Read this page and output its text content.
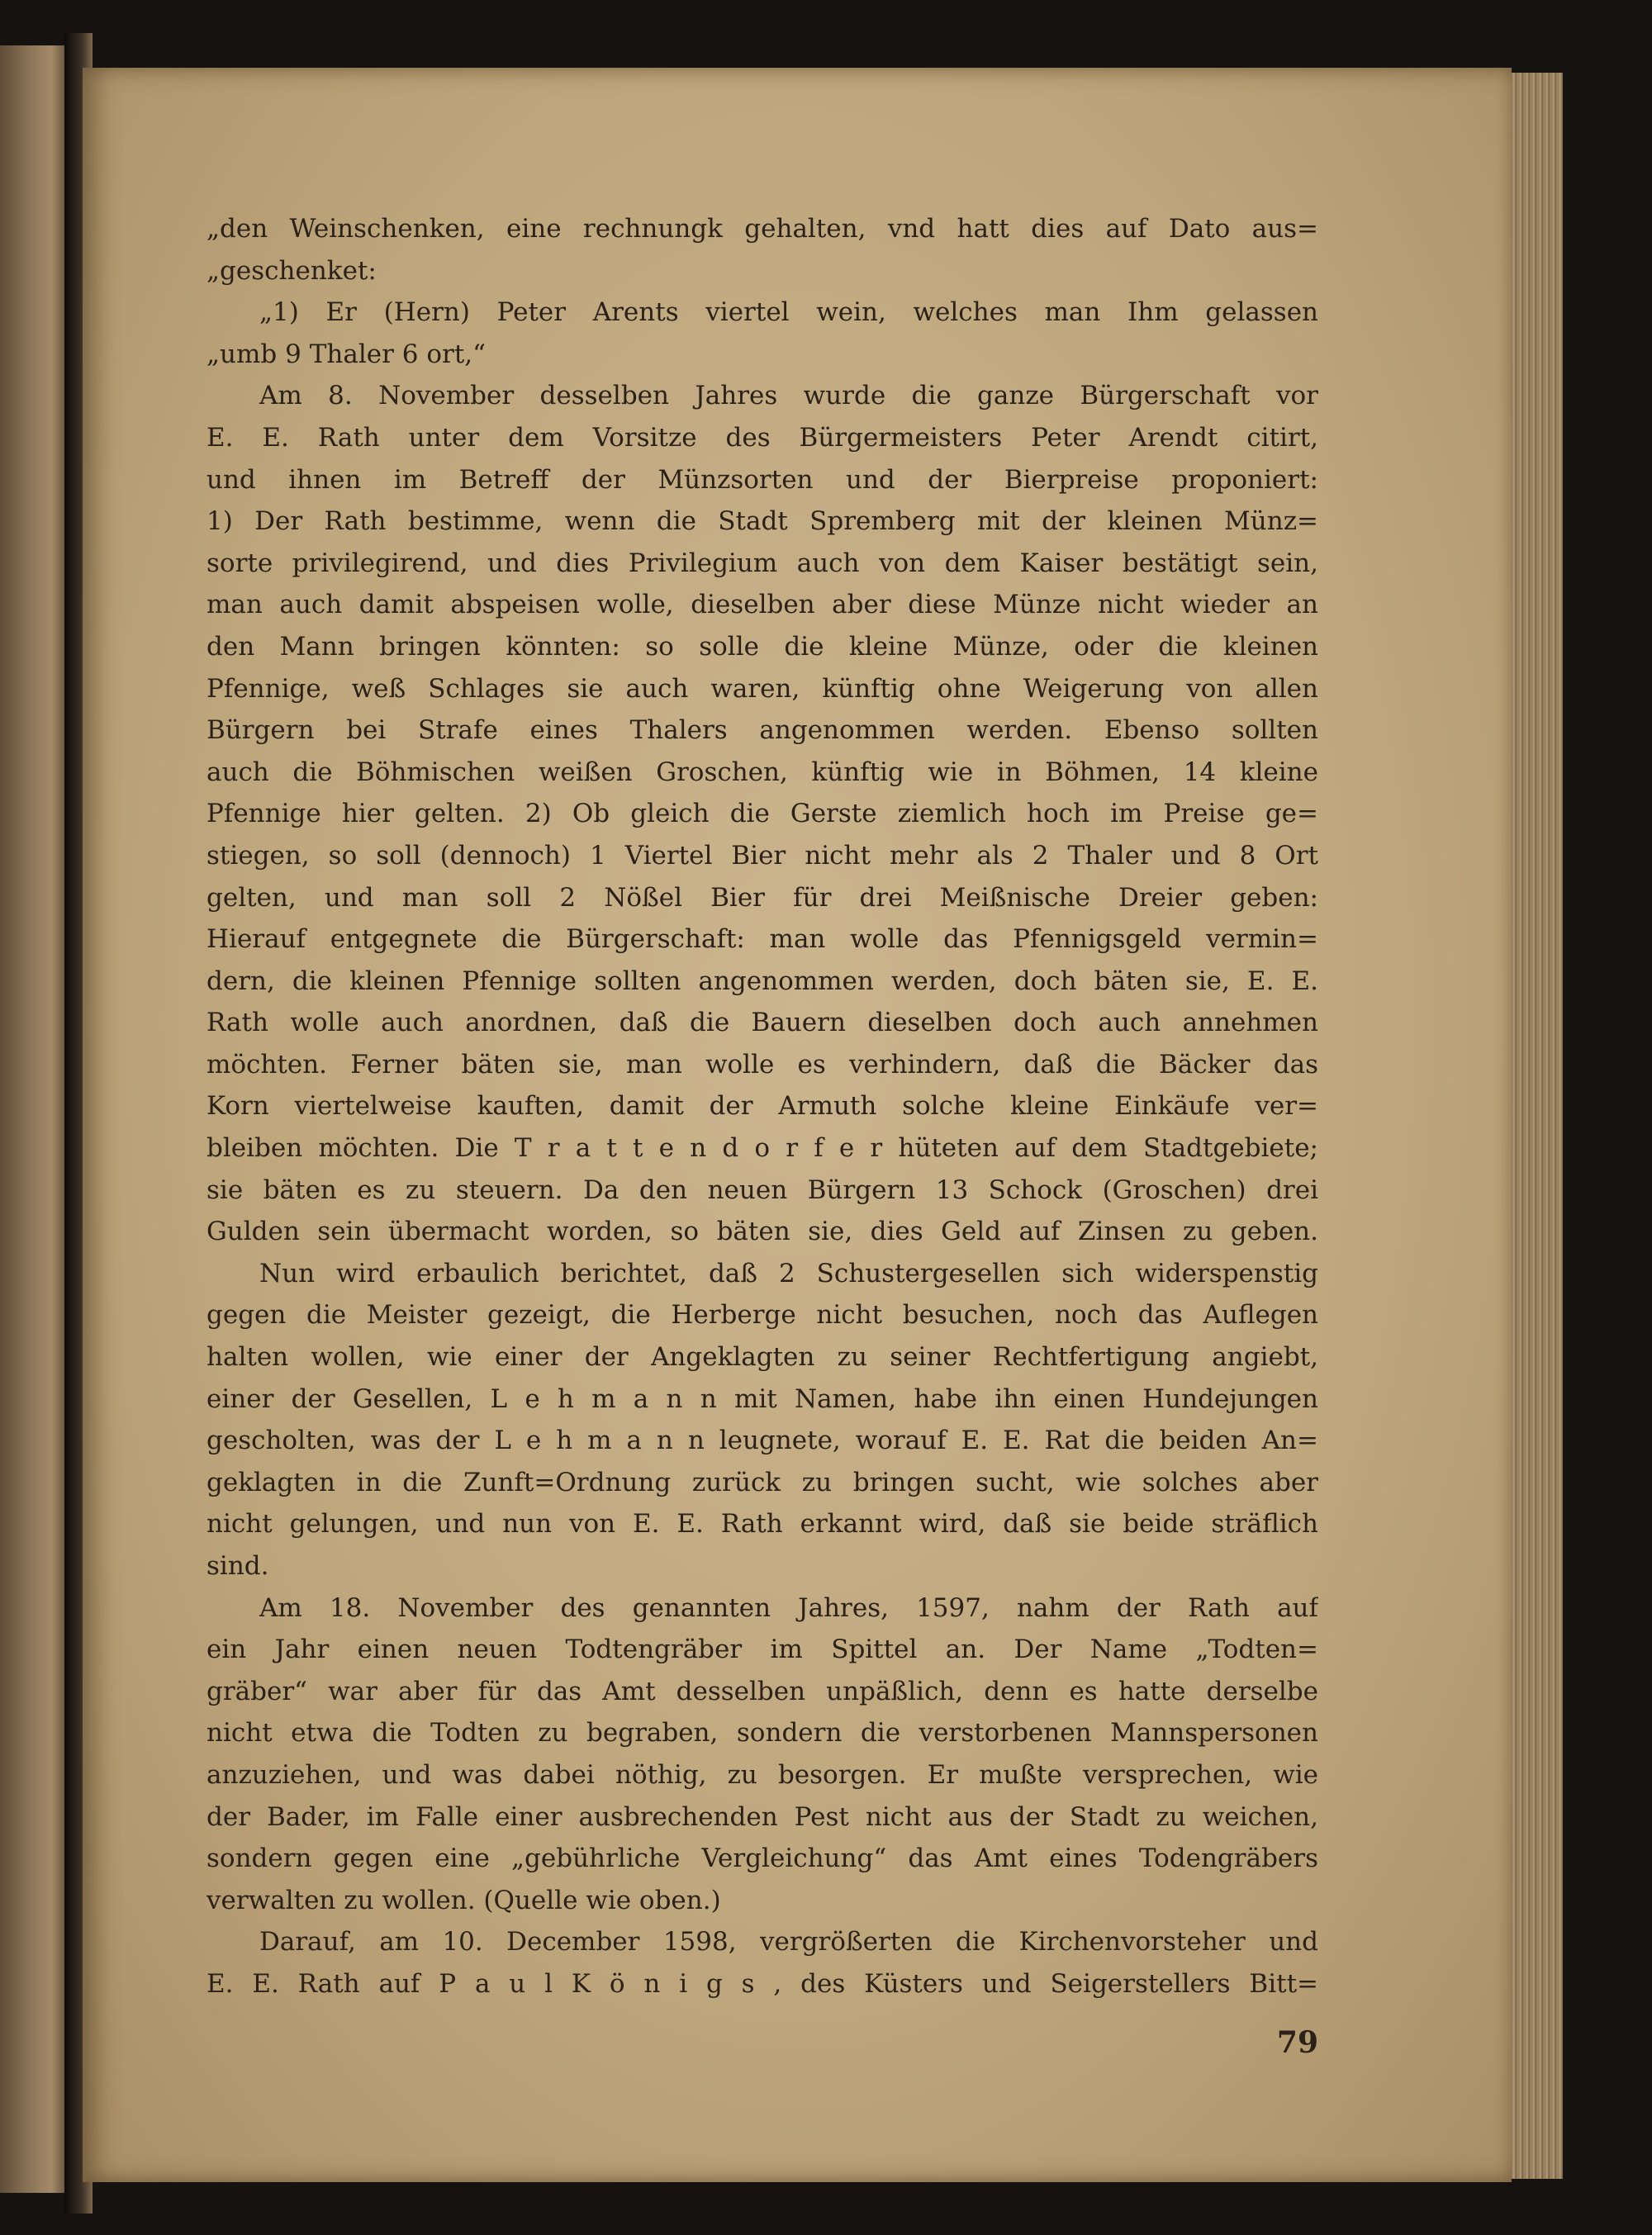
„den Weinschenken, eine rechnungk gehalten, vnd hatt dies auf Dato aus=
„geschenket:
„1) Er (Hern) Peter Arents viertel wein, welches man Ihm gelassen
„umb 9 Thaler 6 ort,“
Am 8. November desselben Jahres wurde die ganze Bürgerschaft vor
E. E. Rath unter dem Vorsitze des Bürgermeisters Peter Arendt citirt,
und ihnen im Betreff der Münzsorten und der Bierpreise proponiert:
1) Der Rath bestimme, wenn die Stadt Spremberg mit der kleinen Münz=
sorte privilegirend, und dies Privilegium auch von dem Kaiser bestätigt sein,
man auch damit abspeisen wolle, dieselben aber diese Münze nicht wieder an
den Mann bringen könnten: so solle die kleine Münze, oder die kleinen
Pfennige, weß Schlages sie auch waren, künftig ohne Weigerung von allen
Bürgern bei Strafe eines Thalers angenommen werden. Ebenso sollten
auch die Böhmischen weißen Groschen, künftig wie in Böhmen, 14 kleine
Pfennige hier gelten. 2) Ob gleich die Gerste ziemlich hoch im Preise ge=
stiegen, so soll (dennoch) 1 Viertel Bier nicht mehr als 2 Thaler und 8 Ort
gelten, und man soll 2 Nößel Bier für drei Meißnische Dreier geben:
Hierauf entgegnete die Bürgerschaft: man wolle das Pfennigsgeld vermin=
dern, die kleinen Pfennige sollten angenommen werden, doch bäten sie, E. E.
Rath wolle auch anordnen, daß die Bauern dieselben doch auch annehmen
möchten. Ferner bäten sie, man wolle es verhindern, daß die Bäcker das
Korn viertelweise kauften, damit der Armuth solche kleine Einkäufe ver=
bleiben möchten. Die T r a t t e n d o r f e r hüteten auf dem Stadtgebiete;
sie bäten es zu steuern. Da den neuen Bürgern 13 Schock (Groschen) drei
Gulden sein übermacht worden, so bäten sie, dies Geld auf Zinsen zu geben.
Nun wird erbaulich berichtet, daß 2 Schustergesellen sich widerspenstig
gegen die Meister gezeigt, die Herberge nicht besuchen, noch das Auflegen
halten wollen, wie einer der Angeklagten zu seiner Rechtfertigung angiebt,
einer der Gesellen, L e h m a n n mit Namen, habe ihn einen Hundejungen
gescholten, was der L e h m a n n leugnete, worauf E. E. Rat die beiden An=
geklagten in die Zunft=Ordnung zurück zu bringen sucht, wie solches aber
nicht gelungen, und nun von E. E. Rath erkannt wird, daß sie beide sträflich
sind.
Am 18. November des genannten Jahres, 1597, nahm der Rath auf
ein Jahr einen neuen Todtengräber im Spittel an. Der Name „Todten=
gräber“ war aber für das Amt desselben unpäßlich, denn es hatte derselbe
nicht etwa die Todten zu begraben, sondern die verstorbenen Mannspersonen
anzuziehen, und was dabei nöthig, zu besorgen. Er mußte versprechen, wie
der Bader, im Falle einer ausbrechenden Pest nicht aus der Stadt zu weichen,
sondern gegen eine „gebührliche Vergleichung“ das Amt eines Todengräbers
verwalten zu wollen. (Quelle wie oben.)
Darauf, am 10. December 1598, vergrößerten die Kirchenvorsteher und
E. E. Rath auf P a u l K ö n i g s , des Küsters und Seigerstellers Bitt=
79
